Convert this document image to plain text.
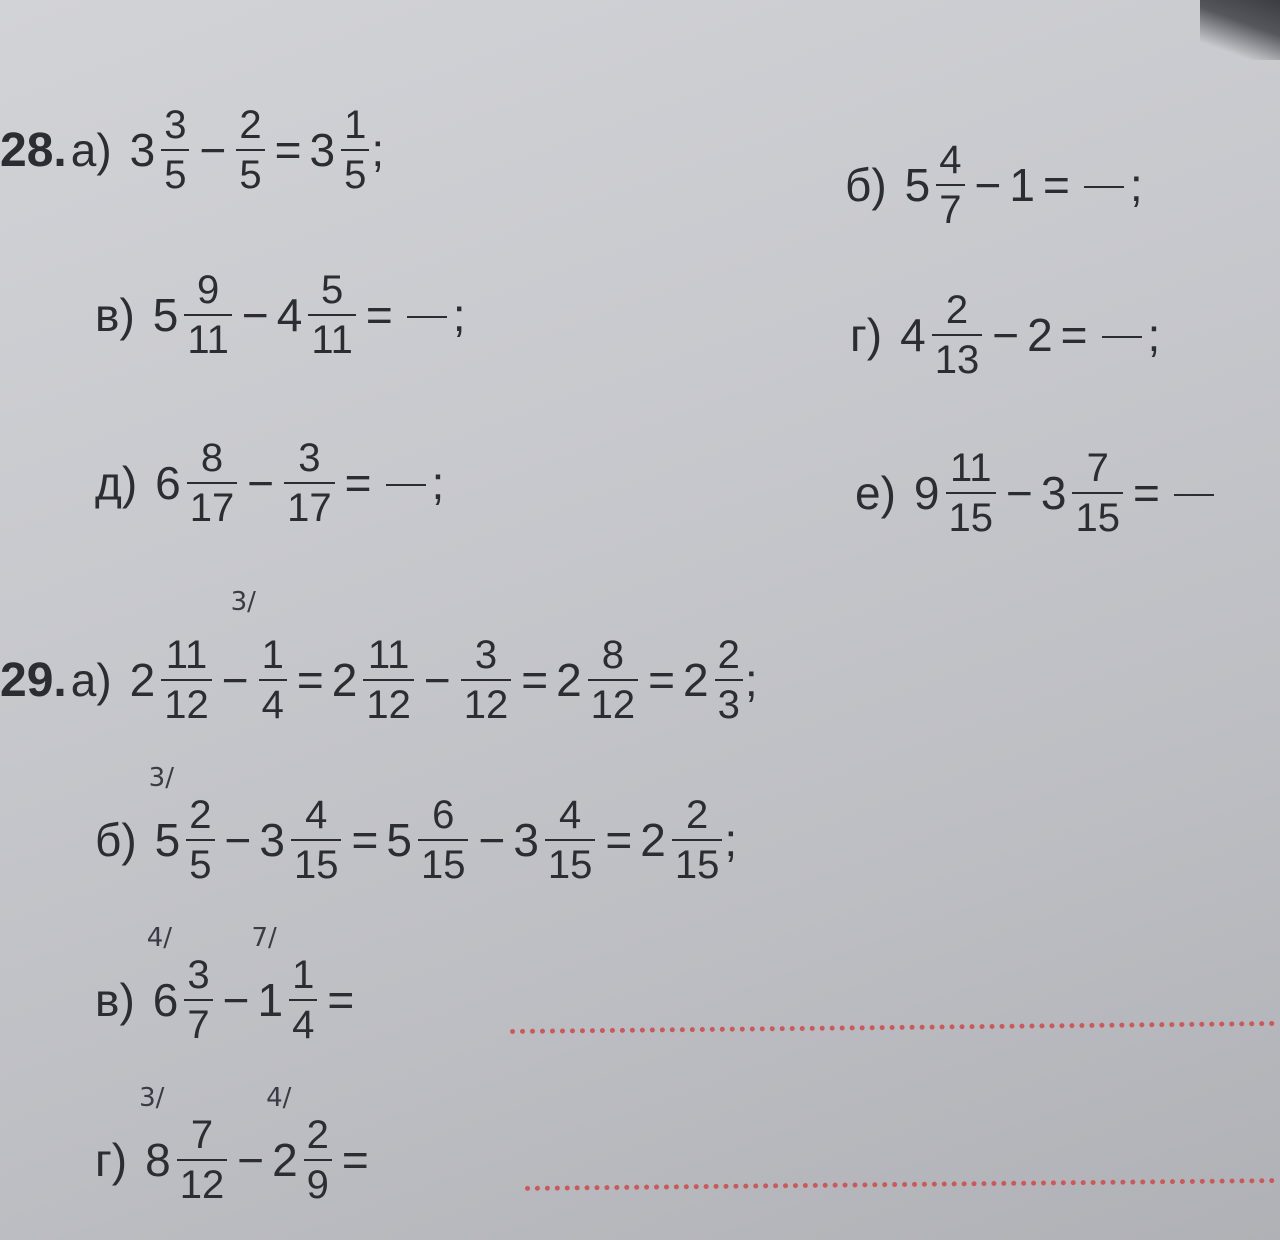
28. а) $3 \frac{3}{5} - \frac{2}{5} = 3 \frac{1}{5}$ ;
б) $5 \frac{4}{7} - 1$ = ;
в) $5 \frac{9}{11} - 4 \frac{5}{11}$ = ;	г) $4 \frac{2}{13} - 2$ = ;
д) $6 \frac{8}{17} - \frac{3}{17}$ = ;	е) $9 \frac{11}{15} - 3 \frac{7}{15}$ =
29. а) $2 \frac{11}{12}$ −
3/
1
$4 = 2 \frac{11}{12} - \frac{3}{12} = 2 \frac{8}{12} = 2 \frac{2}{3}$ ;
б)
3/
$5 \frac{2}{5} - 3 \frac{4}{15} = 5 \frac{6}{15} - 3 \frac{4}{15} = 2 \frac{2}{15}$ ;
в)
4/
$6 \frac{3}{7}$ −
7/
$1 \frac{1}{4}$ =
г)
3/
$8 \frac{7}{12}$ −
4/
$2 \frac{2}{9}$ =
